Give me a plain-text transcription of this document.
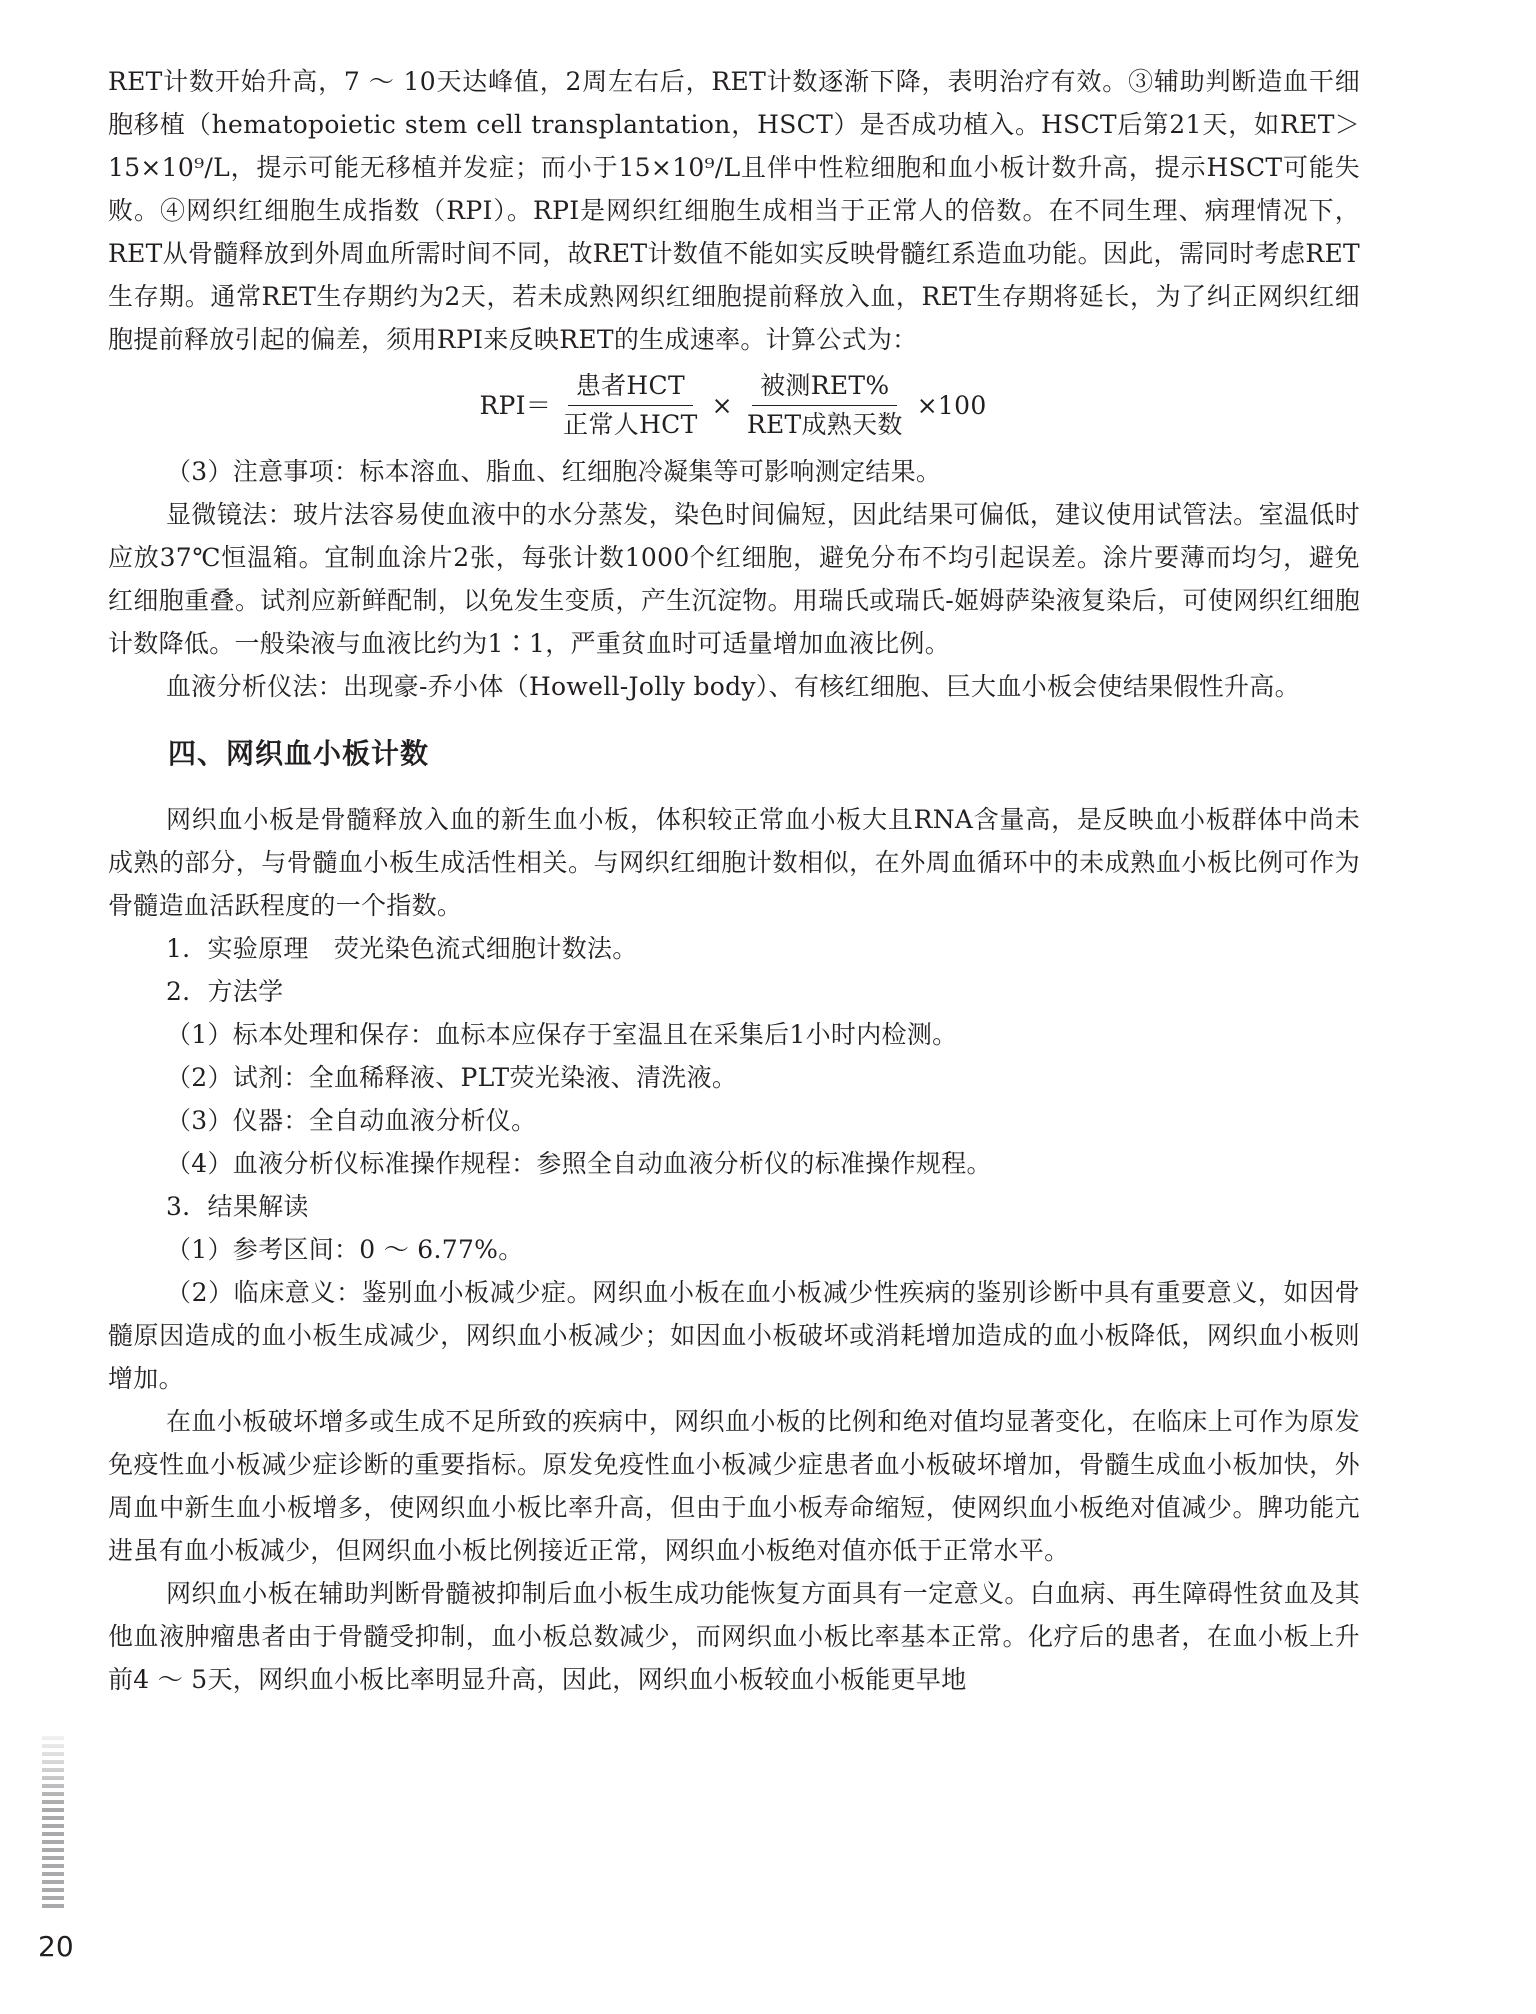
RET计数开始升高，7 ～ 10天达峰值，2周左右后，RET计数逐渐下降，表明治疗有效。③辅助判断造血干细胞移植（hematopoietic stem cell transplantation，HSCT）是否成功植入。HSCT后第21天，如RET＞15×10⁹/L，提示可能无移植并发症；而小于15×10⁹/L且伴中性粒细胞和血小板计数升高，提示HSCT可能失败。④网织红细胞生成指数（RPI）。RPI是网织红细胞生成相当于正常人的倍数。在不同生理、病理情况下，RET从骨髓释放到外周血所需时间不同，故RET计数值不能如实反映骨髓红系造血功能。因此，需同时考虑RET生存期。通常RET生存期约为2天，若未成熟网织红细胞提前释放入血，RET生存期将延长，为了纠正网织红细胞提前释放引起的偏差，须用RPI来反映RET的生成速率。计算公式为：

$RPI= \frac{\text{患者HCT}}{\text{正常人HCT}} \times \frac{\text{被测RET\%}}{\text{RET成熟天数}} \times 100$

（3）注意事项：标本溶血、脂血、红细胞冷凝集等可影响测定结果。

显微镜法：玻片法容易使血液中的水分蒸发，染色时间偏短，因此结果可偏低，建议使用试管法。室温低时应放37℃恒温箱。宜制血涂片2张，每张计数1000个红细胞，避免分布不均引起误差。涂片要薄而均匀，避免红细胞重叠。试剂应新鲜配制，以免发生变质，产生沉淀物。用瑞氏或瑞氏-姬姆萨染液复染后，可使网织红细胞计数降低。一般染液与血液比约为1∶1，严重贫血时可适量增加血液比例。

血液分析仪法：出现豪-乔小体（Howell-Jolly body）、有核红细胞、巨大血小板会使结果假性升高。

四、网织血小板计数

网织血小板是骨髓释放入血的新生血小板，体积较正常血小板大且RNA含量高，是反映血小板群体中尚未成熟的部分，与骨髓血小板生成活性相关。与网织红细胞计数相似，在外周血循环中的未成熟血小板比例可作为骨髓造血活跃程度的一个指数。

1．实验原理　荧光染色流式细胞计数法。

2．方法学

（1）标本处理和保存：血标本应保存于室温且在采集后1小时内检测。

（2）试剂：全血稀释液、PLT荧光染液、清洗液。

（3）仪器：全自动血液分析仪。

（4）血液分析仪标准操作规程：参照全自动血液分析仪的标准操作规程。

3．结果解读

（1）参考区间：0 ～ 6.77%。

（2）临床意义：鉴别血小板减少症。网织血小板在血小板减少性疾病的鉴别诊断中具有重要意义，如因骨髓原因造成的血小板生成减少，网织血小板减少；如因血小板破坏或消耗增加造成的血小板降低，网织血小板则增加。

在血小板破坏增多或生成不足所致的疾病中，网织血小板的比例和绝对值均显著变化，在临床上可作为原发免疫性血小板减少症诊断的重要指标。原发免疫性血小板减少症患者血小板破坏增加，骨髓生成血小板加快，外周血中新生血小板增多，使网织血小板比率升高，但由于血小板寿命缩短，使网织血小板绝对值减少。脾功能亢进虽有血小板减少，但网织血小板比例接近正常，网织血小板绝对值亦低于正常水平。

网织血小板在辅助判断骨髓被抑制后血小板生成功能恢复方面具有一定意义。白血病、再生障碍性贫血及其他血液肿瘤患者由于骨髓受抑制，血小板总数减少，而网织血小板比率基本正常。化疗后的患者，在血小板上升前4 ～ 5天，网织血小板比率明显升高，因此，网织血小板较血小板能更早地

20
